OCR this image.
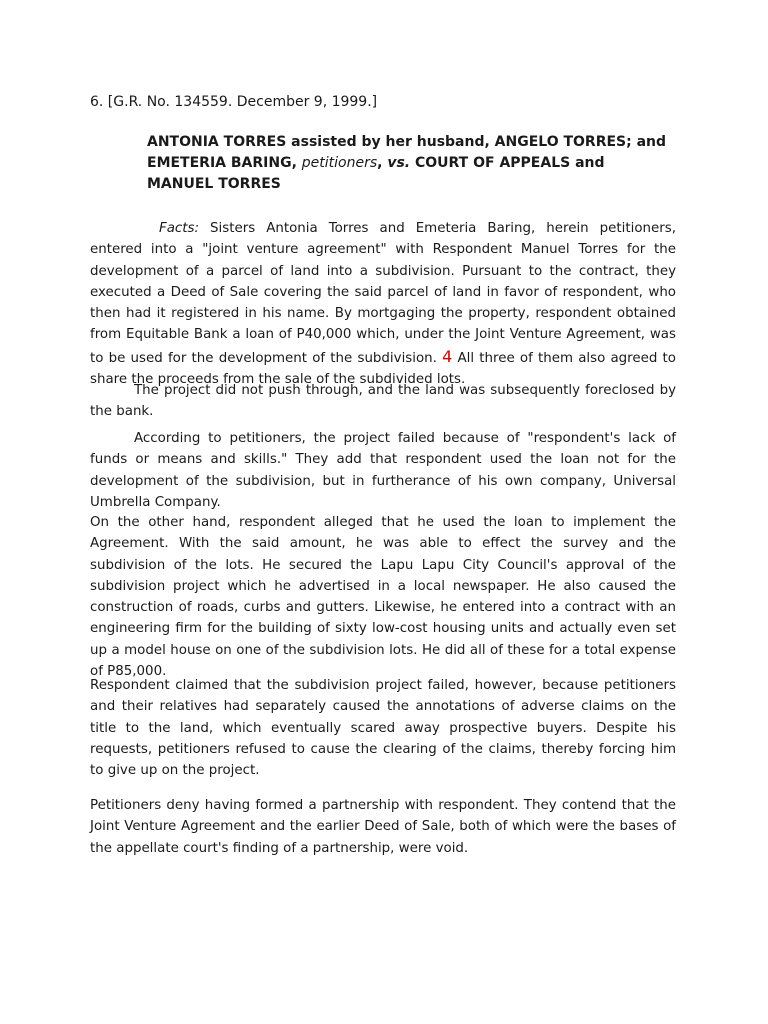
6. [G.R. No. 134559. December 9, 1999.]
ANTONIA TORRES assisted by her husband, ANGELO TORRES; and EMETERIA BARING, petitioners, vs. COURT OF APPEALS and MANUEL TORRES

Facts: Sisters Antonia Torres and Emeteria Baring, herein petitioners, entered into a "joint venture agreement" with Respondent Manuel Torres for the development of a parcel of land into a subdivision. Pursuant to the contract, they executed a Deed of Sale covering the said parcel of land in favor of respondent, who then had it registered in his name. By mortgaging the property, respondent obtained from Equitable Bank a loan of P40,000 which, under the Joint Venture Agreement, was to be used for the development of the subdivision. 4 All three of them also agreed to share the proceeds from the sale of the subdivided lots.

The project did not push through, and the land was subsequently foreclosed by the bank.

According to petitioners, the project failed because of "respondent's lack of funds or means and skills." They add that respondent used the loan not for the development of the subdivision, but in furtherance of his own company, Universal Umbrella Company.

On the other hand, respondent alleged that he used the loan to implement the Agreement. With the said amount, he was able to effect the survey and the subdivision of the lots. He secured the Lapu Lapu City Council's approval of the subdivision project which he advertised in a local newspaper. He also caused the construction of roads, curbs and gutters. Likewise, he entered into a contract with an engineering firm for the building of sixty low-cost housing units and actually even set up a model house on one of the subdivision lots. He did all of these for a total expense of P85,000.

Respondent claimed that the subdivision project failed, however, because petitioners and their relatives had separately caused the annotations of adverse claims on the title to the land, which eventually scared away prospective buyers. Despite his requests, petitioners refused to cause the clearing of the claims, thereby forcing him to give up on the project.

Petitioners deny having formed a partnership with respondent. They contend that the Joint Venture Agreement and the earlier Deed of Sale, both of which were the bases of the appellate court's finding of a partnership, were void.
